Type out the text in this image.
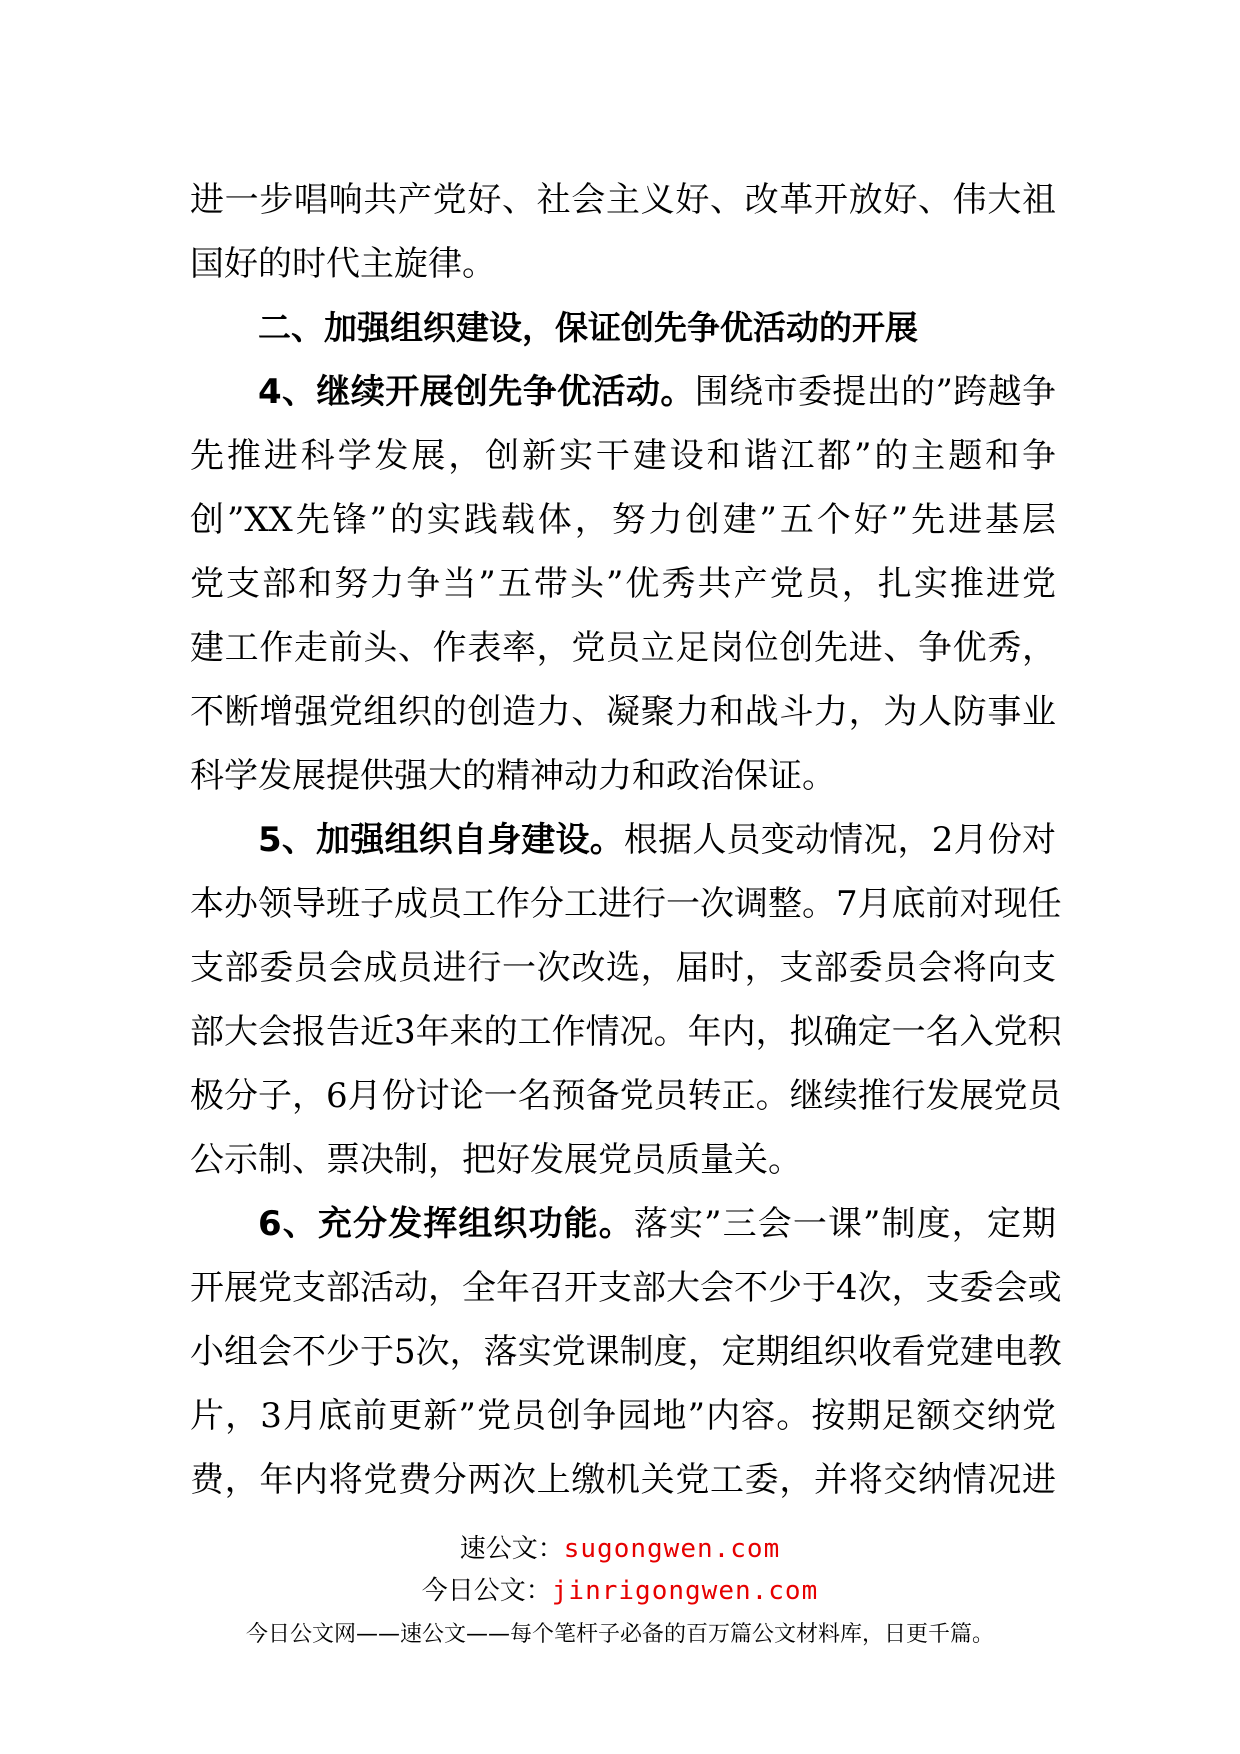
进一步唱响共产党好、社会主义好、改革开放好、伟大祖
国好的时代主旋律。
二、加强组织建设，保证创先争优活动的开展
4、继续开展创先争优活动。围绕市委提出的”跨越争
先推进科学发展，创新实干建设和谐江都”的主题和争
创”XX先锋”的实践载体，努力创建”五个好”先进基层
党支部和努力争当”五带头”优秀共产党员，扎实推进党
建工作走前头、作表率，党员立足岗位创先进、争优秀，
不断增强党组织的创造力、凝聚力和战斗力，为人防事业
科学发展提供强大的精神动力和政治保证。
5、加强组织自身建设。根据人员变动情况，2月份对
本办领导班子成员工作分工进行一次调整。7月底前对现任
支部委员会成员进行一次改选，届时，支部委员会将向支
部大会报告近3年来的工作情况。年内，拟确定一名入党积
极分子，6月份讨论一名预备党员转正。继续推行发展党员
公示制、票决制，把好发展党员质量关。
6、充分发挥组织功能。落实”三会一课”制度，定期
开展党支部活动，全年召开支部大会不少于4次，支委会或
小组会不少于5次，落实党课制度，定期组织收看党建电教
片，3月底前更新”党员创争园地”内容。按期足额交纳党
费，年内将党费分两次上缴机关党工委，并将交纳情况进
速公文：sugongwen.com
今日公文：jinrigongwen.com
今日公文网——速公文——每个笔杆子必备的百万篇公文材料库，日更千篇。
